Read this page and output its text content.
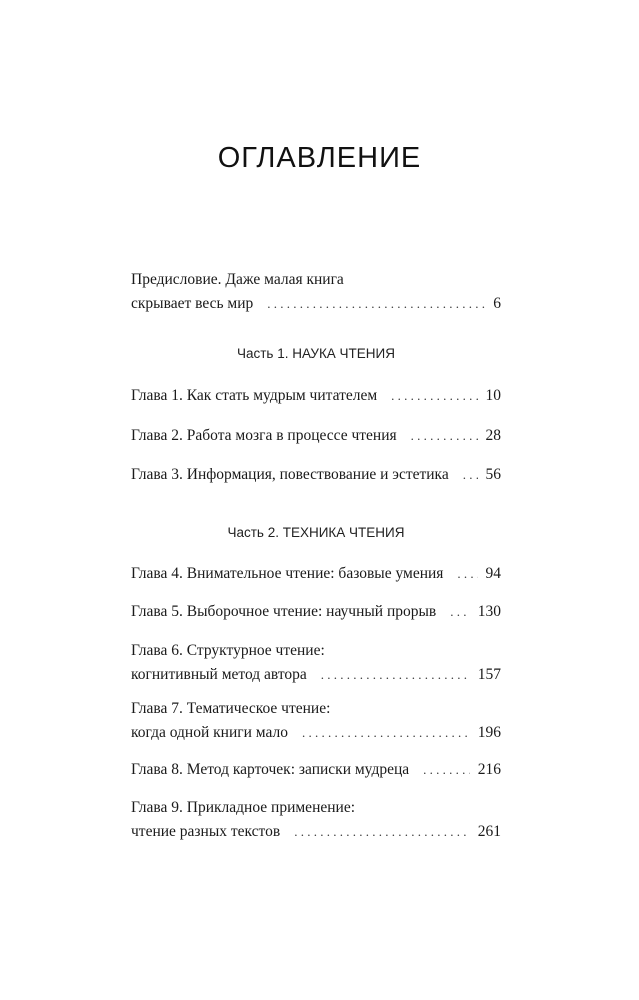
ОГЛАВЛЕНИЕ
Предисловие. Даже малая книга
скрывает весь мир . . .	6
Часть 1. НАУКА ЧТЕНИЯ
Глава 1. Как стать мудрым читателем . . .	10
Глава 2. Работа мозга в процессе чтения . . .	28
Глава 3. Информация, повествование и эстетика . . . 56
Часть 2. ТЕХНИКА ЧТЕНИЯ
Глава 4. Внимательное чтение: базовые умения . . .	94
Глава 5. Выборочное чтение: научный прорыв . . .	130
Глава 6. Структурное чтение:
когнитивный метод автора . . .	157
Глава 7. Тематическое чтение:
когда одной книги мало . . .	196
Глава 8. Метод карточек: записки мудреца . . .	216
Глава 9. Прикладное применение:
чтение разных текстов . . .	261
